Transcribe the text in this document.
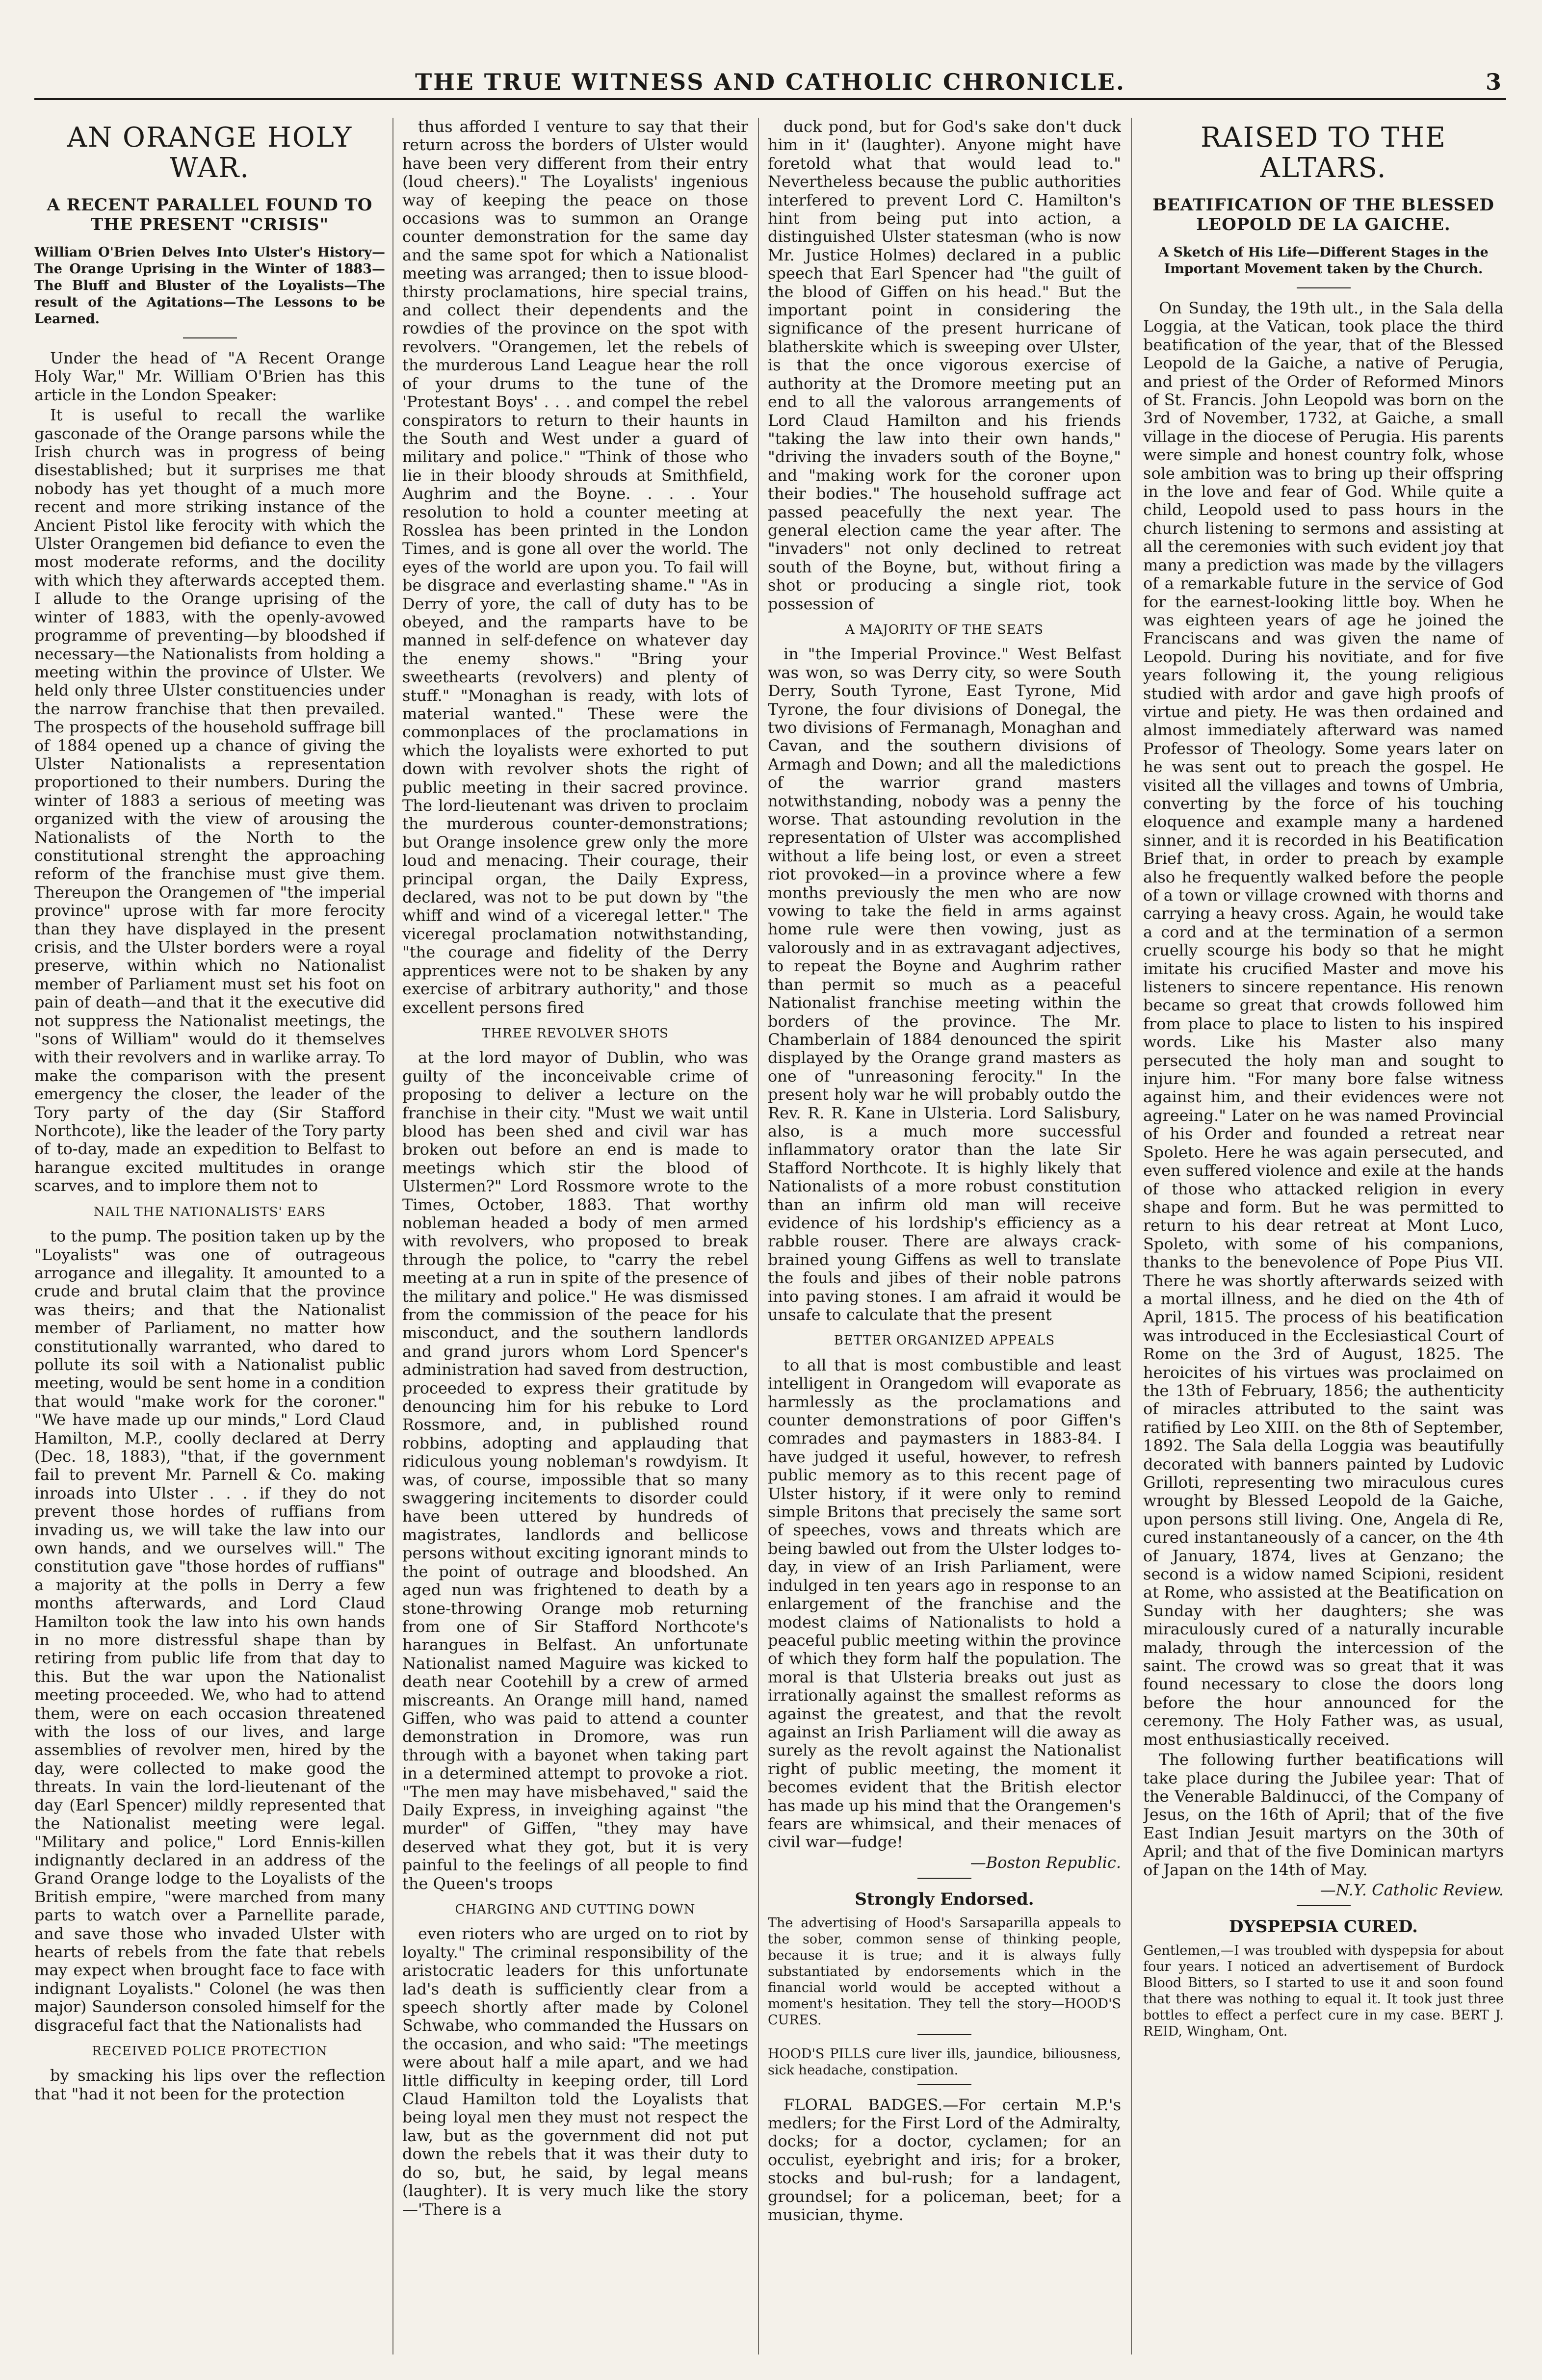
THE TRUE WITNESS AND CATHOLIC CHRONICLE.	3
AN ORANGE HOLY WAR.
A RECENT PARALLEL FOUND TO THE PRESENT "CRISIS"

William O'Brien Delves Into Ulster's History—The Orange Uprising in the Winter of 1883—The Bluff and Bluster of the Loyalists—The result of the Agitations—The Lessons to be Learned.

Under the head of "A Recent Orange Holy War," Mr. William O'Brien has this article in the London Speaker:

It is useful to recall the warlike gasconade of the Orange parsons while the Irish church was in progress of being disestablished; but it surprises me that nobody has yet thought of a much more recent and more striking instance of the Ancient Pistol like ferocity with which the Ulster Orangemen bid defiance to even the most moderate reforms, and the docility with which they afterwards accepted them. I allude to the Orange uprising of the winter of 1883, with the openly-avowed programme of preventing—by bloodshed if necessary—the Nationalists from holding a meeting within the province of Ulster. We held only three Ulster constituencies under the narrow franchise that then prevailed. The prospects of the household suffrage bill of 1884 opened up a chance of giving the Ulster Nationalists a representation proportioned to their numbers. During the winter of 1883 a serious of meeting was organized with the view of arousing the Nationalists of the North to the constitutional strenght the approaching reform of the franchise must give them. Thereupon the Orangemen of "the imperial province" uprose with far more ferocity than they have displayed in the present crisis, and the Ulster borders were a royal preserve, within which no Nationalist member of Parliament must set his foot on pain of death—and that it the executive did not suppress the Nationalist meetings, the "sons of William" would do it themselves with their revolvers and in warlike array. To make the comparison with the present emergency the closer, the leader of the Tory party of the day (Sir Stafford Northcote), like the leader of the Tory party of to-day, made an expedition to Belfast to harangue excited multitudes in orange scarves, and to implore them not to

NAIL THE NATIONALISTS' EARS

to the pump. The position taken up by the "Loyalists" was one of outrageous arrogance and illegality. It amounted to a crude and brutal claim that the province was theirs; and that the Nationalist member of Parliament, no matter how constitutionally warranted, who dared to pollute its soil with a Nationalist public meeting, would be sent home in a condition that would "make work for the coroner." "We have made up our minds," Lord Claud Hamilton, M.P., coolly declared at Derry (Dec. 18, 1883), "that, if the government fail to prevent Mr. Parnell & Co. making inroads into Ulster . . . if they do not prevent those hordes of ruffians from invading us, we will take the law into our own hands, and we ourselves will." The constitution gave "those hordes of ruffians" a majority at the polls in Derry a few months afterwards, and Lord Claud Hamilton took the law into his own hands in no more distressful shape than by retiring from public life from that day to this. But the war upon the Nationalist meeting proceeded. We, who had to attend them, were on each occasion threatened with the loss of our lives, and large assemblies of revolver men, hired by the day, were collected to make good the threats. In vain the lord-lieutenant of the day (Earl Spencer) mildly represented that the Nationalist meeting were legal. "Military and police," Lord Ennis-killen indignantly declared in an address of the Grand Orange lodge to the Loyalists of the British empire, "were marched from many parts to watch over a Parnellite parade, and save those who invaded Ulster with hearts of rebels from the fate that rebels may expect when brought face to face with indignant Loyalists." Colonel (he was then major) Saunderson consoled himself for the disgraceful fact that the Nationalists had

RECEIVED POLICE PROTECTION

by smacking his lips over the reflection that "had it not been for the protection

thus afforded I venture to say that their return across the borders of Ulster would have been very different from their entry (loud cheers)." The Loyalists' ingenious way of keeping the peace on those occasions was to summon an Orange counter demonstration for the same day and the same spot for which a Nationalist meeting was arranged; then to issue blood-thirsty proclamations, hire special trains, and collect their dependents and the rowdies of the province on the spot with revolvers. "Orangemen, let the rebels of the murderous Land League hear the roll of your drums to the tune of the 'Protestant Boys' . . . and compel the rebel conspirators to return to their haunts in the South and West under a guard of military and police." "Think of those who lie in their bloody shrouds at Smithfield, Aughrim and the Boyne. . . . Your resolution to hold a counter meeting at Rosslea has been printed in the London Times, and is gone all over the world. The eyes of the world are upon you. To fail will be disgrace and everlasting shame." "As in Derry of yore, the call of duty has to be obeyed, and the ramparts have to be manned in self-defence on whatever day the enemy shows." "Bring your sweethearts (revolvers) and plenty of stuff." "Monaghan is ready, with lots of material wanted." These were the commonplaces of the proclamations in which the loyalists were exhorted to put down with revolver shots the right of public meeting in their sacred province. The lord-lieutenant was driven to proclaim the murderous counter-demonstrations; but Orange insolence grew only the more loud and menacing. Their courage, their principal organ, the Daily Express, declared, was not to be put down by "the whiff and wind of a viceregal letter." The viceregal proclamation notwithstanding, "the courage and fidelity of the Derry apprentices were not to be shaken by any exercise of arbitrary authority," and those excellent persons fired

THREE REVOLVER SHOTS

at the lord mayor of Dublin, who was guilty of the inconceivable crime of proposing to deliver a lecture on the franchise in their city. "Must we wait until blood has been shed and civil war has broken out before an end is made to meetings which stir the blood of Ulstermen?" Lord Rossmore wrote to the Times, October, 1883. That worthy nobleman headed a body of men armed with revolvers, who proposed to break through the police, to "carry the rebel meeting at a run in spite of the presence of the military and police." He was dismissed from the commission of the peace for his misconduct, and the southern landlords and grand jurors whom Lord Spencer's administration had saved from destruction, proceeded to express their gratitude by denouncing him for his rebuke to Lord Rossmore, and, in published round robbins, adopting and applauding that ridiculous young nobleman's rowdyism. It was, of course, impossible that so many swaggering incitements to disorder could have been uttered by hundreds of magistrates, landlords and bellicose persons without exciting ignorant minds to the point of outrage and bloodshed. An aged nun was frightened to death by a stone-throwing Orange mob returning from one of Sir Stafford Northcote's harangues in Belfast. An unfortunate Nationalist named Maguire was kicked to death near Cootehill by a crew of armed miscreants. An Orange mill hand, named Giffen, who was paid to attend a counter demonstration in Dromore, was run through with a bayonet when taking part in a determined attempt to provoke a riot. "The men may have misbehaved," said the Daily Express, in inveighing against "the murder" of Giffen, "they may have deserved what they got, but it is very painful to the feelings of all people to find the Queen's troops

CHARGING AND CUTTING DOWN

even rioters who are urged on to riot by loyalty." The criminal responsibility of the aristocratic leaders for this unfortunate lad's death is sufficiently clear from a speech shortly after made by Colonel Schwabe, who commanded the Hussars on the occasion, and who said: "The meetings were about half a mile apart, and we had little difficulty in keeping order, till Lord Claud Hamilton told the Loyalists that being loyal men they must not respect the law, but as the government did not put down the rebels that it was their duty to do so, but, he said, by legal means (laughter). It is very much like the story—'There is a

duck pond, but for God's sake don't duck him in it' (laughter). Anyone might have foretold what that would lead to." Nevertheless because the public authorities interfered to prevent Lord C. Hamilton's hint from being put into action, a distinguished Ulster statesman (who is now Mr. Justice Holmes) declared in a public speech that Earl Spencer had "the guilt of the blood of Giffen on his head." But the important point in considering the significance of the present hurricane of blatherskite which is sweeping over Ulster, is that the once vigorous exercise of authority at the Dromore meeting put an end to all the valorous arrangements of Lord Claud Hamilton and his friends "taking the law into their own hands," "driving the invaders south of the Boyne," and "making work for the coroner upon their bodies." The household suffrage act passed peacefully the next year. The general election came the year after. The "invaders" not only declined to retreat south of the Boyne, but, without firing a shot or producing a single riot, took possession of

A MAJORITY OF THE SEATS

in "the Imperial Province." West Belfast was won, so was Derry city, so were South Derry, South Tyrone, East Tyrone, Mid Tyrone, the four divisions of Donegal, the two divisions of Fermanagh, Monaghan and Cavan, and the southern divisions of Armagh and Down; and all the maledictions of the warrior grand masters notwithstanding, nobody was a penny the worse. That astounding revolution in the representation of Ulster was accomplished without a life being lost, or even a street riot provoked—in a province where a few months previously the men who are now vowing to take the field in arms against home rule were then vowing, just as valorously and in as extravagant adjectives, to repeat the Boyne and Aughrim rather than permit so much as a peaceful Nationalist franchise meeting within the borders of the province. The Mr. Chamberlain of 1884 denounced the spirit displayed by the Orange grand masters as one of "unreasoning ferocity." In the present holy war he will probably outdo the Rev. R. R. Kane in Ulsteria. Lord Salisbury, also, is a much more successful inflammatory orator than the late Sir Stafford Northcote. It is highly likely that Nationalists of a more robust constitution than an infirm old man will receive evidence of his lordship's efficiency as a rabble rouser. There are always crack-brained young Giffens as well to translate the fouls and jibes of their noble patrons into paving stones. I am afraid it would be unsafe to calculate that the present

BETTER ORGANIZED APPEALS

to all that is most combustible and least intelligent in Orangedom will evaporate as harmlessly as the proclamations and counter demonstrations of poor Giffen's comrades and paymasters in 1883-84. I have judged it useful, however, to refresh public memory as to this recent page of Ulster history, if it were only to remind simple Britons that precisely the same sort of speeches, vows and threats which are being bawled out from the Ulster lodges to-day, in view of an Irish Parliament, were indulged in ten years ago in response to an enlargement of the franchise and the modest claims of Nationalists to hold a peaceful public meeting within the province of which they form half the population. The moral is that Ulsteria breaks out just as irrationally against the smallest reforms as against the greatest, and that the revolt against an Irish Parliament will die away as surely as the revolt against the Nationalist right of public meeting, the moment it becomes evident that the British elector has made up his mind that the Orangemen's fears are whimsical, and their menaces of civil war—fudge!

—Boston Republic.

Strongly Endorsed.

The advertising of Hood's Sarsaparilla appeals to the sober, common sense of thinking people, because it is true; and it is always fully substantiated by endorsements which in the financial world would be accepted without a moment's hesitation. They tell the story—HOOD'S CURES.

HOOD'S PILLS cure liver ills, jaundice, biliousness, sick headache, constipation.

FLORAL BADGES.—For certain M.P.'s medlers; for the First Lord of the Admiralty, docks; for a doctor, cyclamen; for an occulist, eyebright and iris; for a broker, stocks and bul-rush; for a landagent, groundsel; for a policeman, beet; for a musician, thyme.

RAISED TO THE ALTARS.
BEATIFICATION OF THE BLESSED LEOPOLD DE LA GAICHE.

A Sketch of His Life—Different Stages in the Important Movement taken by the Church.

On Sunday, the 19th ult., in the Sala della Loggia, at the Vatican, took place the third beatification of the year, that of the Blessed Leopold de la Gaiche, a native of Perugia, and priest of the Order of Reformed Minors of St. Francis. John Leopold was born on the 3rd of November, 1732, at Gaiche, a small village in the diocese of Perugia. His parents were simple and honest country folk, whose sole ambition was to bring up their offspring in the love and fear of God. While quite a child, Leopold used to pass hours in the church listening to sermons and assisting at all the ceremonies with such evident joy that many a prediction was made by the villagers of a remarkable future in the service of God for the earnest-looking little boy. When he was eighteen years of age he joined the Franciscans and was given the name of Leopold. During his novitiate, and for five years following it, the young religious studied with ardor and gave high proofs of virtue and piety. He was then ordained and almost immediately afterward was named Professor of Theology. Some years later on he was sent out to preach the gospel. He visited all the villages and towns of Umbria, converting by the force of his touching eloquence and example many a hardened sinner, and it is recorded in his Beatification Brief that, in order to preach by example also he frequently walked before the people of a town or village crowned with thorns and carrying a heavy cross. Again, he would take a cord and at the termination of a sermon cruelly scourge his body so that he might imitate his crucified Master and move his listeners to sincere repentance. His renown became so great that crowds followed him from place to place to listen to his inspired words. Like his Master also many persecuted the holy man and sought to injure him. "For many bore false witness against him, and their evidences were not agreeing." Later on he was named Provincial of his Order and founded a retreat near Spoleto. Here he was again persecuted, and even suffered violence and exile at the hands of those who attacked religion in every shape and form. But he was permitted to return to his dear retreat at Mont Luco, Spoleto, with some of his companions, thanks to the benevolence of Pope Pius VII. There he was shortly afterwards seized with a mortal illness, and he died on the 4th of April, 1815. The process of his beatification was introduced in the Ecclesiastical Court of Rome on the 3rd of August, 1825. The heroicites of his virtues was proclaimed on the 13th of February, 1856; the authenticity of miracles attributed to the saint was ratified by Leo XIII. on the 8th of September, 1892. The Sala della Loggia was beautifully decorated with banners painted by Ludovic Grilloti, representing two miraculous cures wrought by Blessed Leopold de la Gaiche, upon persons still living. One, Angela di Re, cured instantaneously of a cancer, on the 4th of January, 1874, lives at Genzano; the second is a widow named Scipioni, resident at Rome, who assisted at the Beatification on Sunday with her daughters; she was miraculously cured of a naturally incurable malady, through the intercession of the saint. The crowd was so great that it was found necessary to close the doors long before the hour announced for the ceremony. The Holy Father was, as usual, most enthusiastically received.

The following further beatifications will take place during the Jubilee year: That of the Venerable Baldinucci, of the Company of Jesus, on the 16th of April; that of the five East Indian Jesuit martyrs on the 30th of April; and that of the five Dominican martyrs of Japan on the 14th of May.

—N.Y. Catholic Review.

DYSPEPSIA CURED.

Gentlemen,—I was troubled with dyspepsia for about four years. I noticed an advertisement of Burdock Blood Bitters, so I started to use it and soon found that there was nothing to equal it. It took just three bottles to effect a perfect cure in my case. BERT J. REID, Wingham, Ont.
